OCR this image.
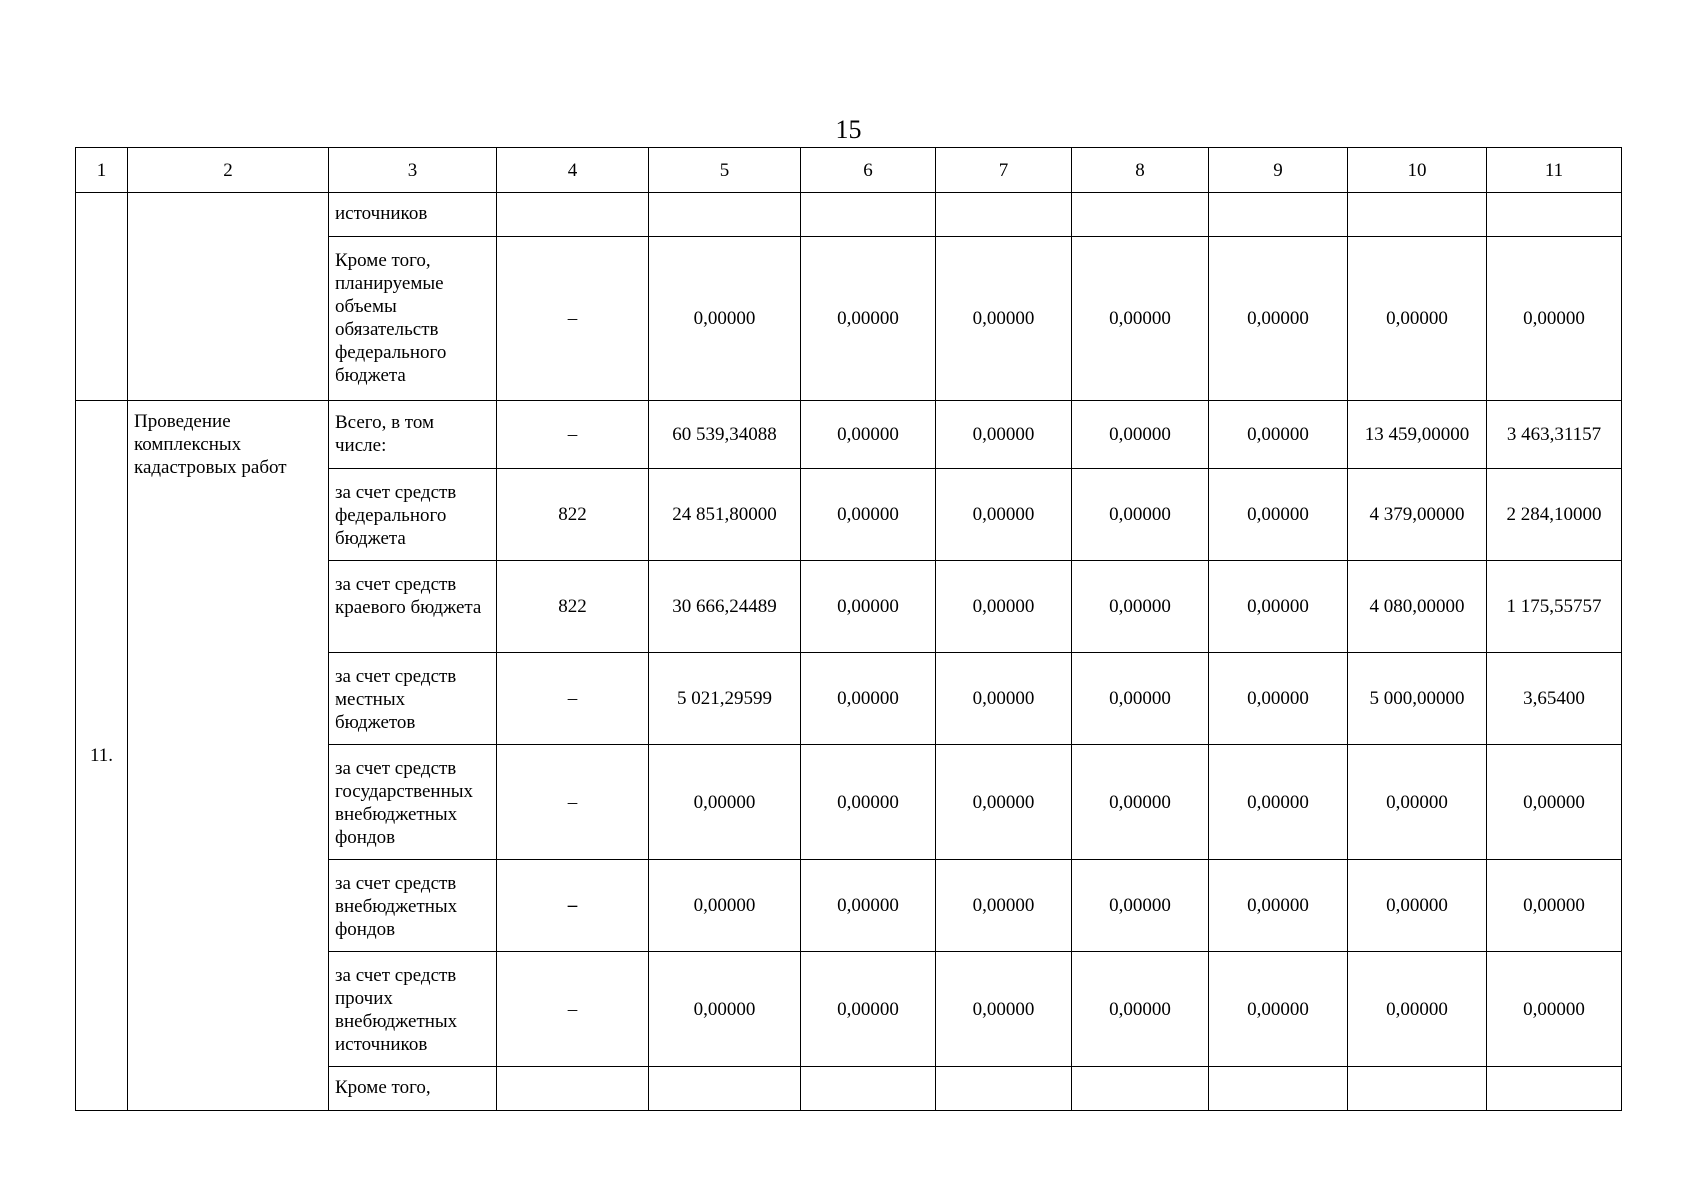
15
1	2	3	4	5	6	7	8	9	10	11
		источников								
		Кроме того, планируемые объемы обязательств федерального бюджета	–	0,00000	0,00000	0,00000	0,00000	0,00000	0,00000	0,00000
11.	Проведение комплексных кадастровых работ	Всего, в том числе:	–	60 539,34088	0,00000	0,00000	0,00000	0,00000	13 459,00000	3 463,31157
		за счет средств федерального бюджета	822	24 851,80000	0,00000	0,00000	0,00000	0,00000	4 379,00000	2 284,10000
		за счет средств краевого бюджета	822	30 666,24489	0,00000	0,00000	0,00000	0,00000	4 080,00000	1 175,55757
		за счет средств местных бюджетов	–	5 021,29599	0,00000	0,00000	0,00000	0,00000	5 000,00000	3,65400
		за счет средств государственных внебюджетных фондов	–	0,00000	0,00000	0,00000	0,00000	0,00000	0,00000	0,00000
		за счет средств внебюджетных фондов	–	0,00000	0,00000	0,00000	0,00000	0,00000	0,00000	0,00000
		за счет средств прочих внебюджетных источников	–	0,00000	0,00000	0,00000	0,00000	0,00000	0,00000	0,00000
		Кроме того,								
